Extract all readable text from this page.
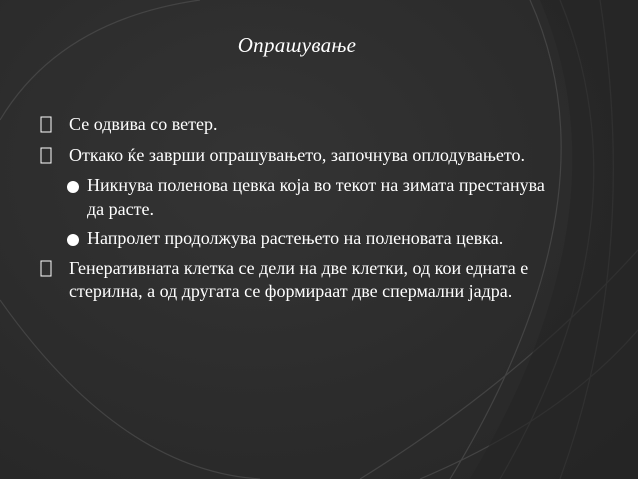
Опрашување
Се одвива со ветер.
Откако ќе заврши опрашувањето, започнува оплодувањето.
Никнува поленова цевка која во текот на зимата престанува да расте.
Напролет продолжува растењето на поленовата цевка.
Генеративната клетка се дели на две клетки, од кои едната е стерилна, а од другата се формираат две спермални јадра.
